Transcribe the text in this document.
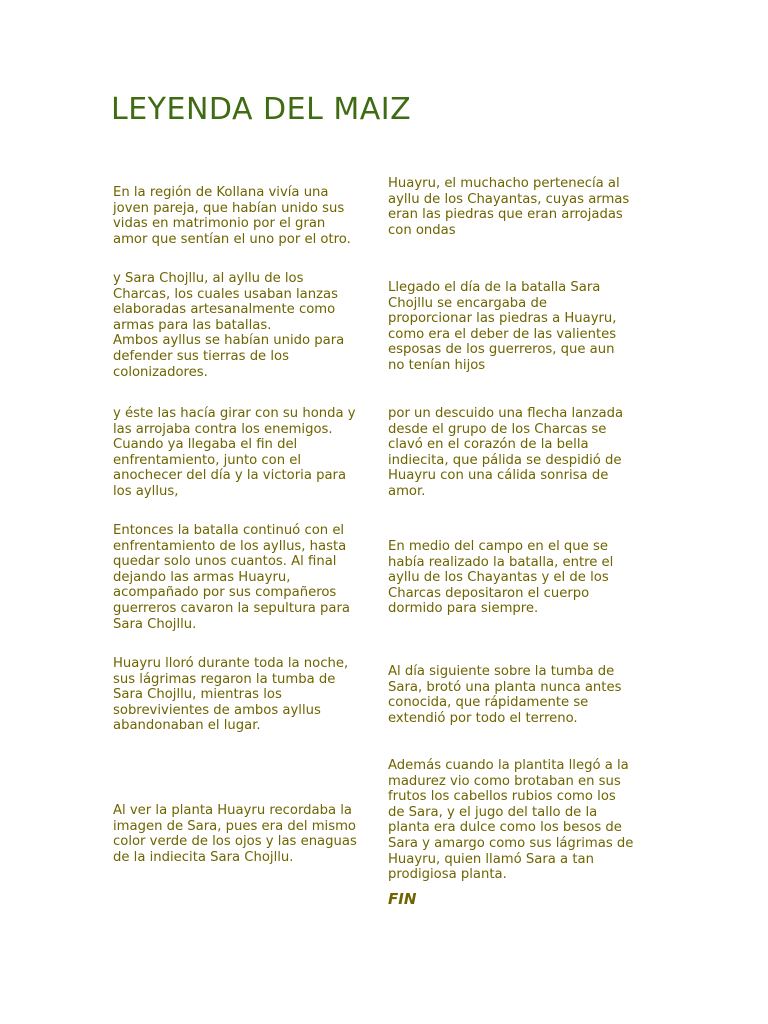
LEYENDA DEL MAIZ

En la región de Kollana vivía una
joven pareja, que habían unido sus
vidas en matrimonio por el gran
amor que sentían el uno por el otro.

y Sara Chojllu, al ayllu de los
Charcas, los cuales usaban lanzas
elaboradas artesanalmente como
armas para las batallas.
Ambos ayllus se habían unido para
defender sus tierras de los
colonizadores.

y éste las hacía girar con su honda y
las arrojaba contra los enemigos.
Cuando ya llegaba el fin del
enfrentamiento, junto con el
anochecer del día y la victoria para
los ayllus,

Entonces la batalla continuó con el
enfrentamiento de los ayllus, hasta
quedar solo unos cuantos. Al final
dejando las armas Huayru,
acompañado por sus compañeros
guerreros cavaron la sepultura para
Sara Chojllu.

Huayru lloró durante toda la noche,
sus lágrimas regaron la tumba de
Sara Chojllu, mientras los
sobrevivientes de ambos ayllus
abandonaban el lugar.

Al ver la planta Huayru recordaba la
imagen de Sara, pues era del mismo
color verde de los ojos y las enaguas
de la indiecita Sara Chojllu.

Huayru, el muchacho pertenecía al
ayllu de los Chayantas, cuyas armas
eran las piedras que eran arrojadas
con ondas

Llegado el día de la batalla Sara
Chojllu se encargaba de
proporcionar las piedras a Huayru,
como era el deber de las valientes
esposas de los guerreros, que aun
no tenían hijos

por un descuido una flecha lanzada
desde el grupo de los Charcas se
clavó en el corazón de la bella
indiecita, que pálida se despidió de
Huayru con una cálida sonrisa de
amor.

En medio del campo en el que se
había realizado la batalla, entre el
ayllu de los Chayantas y el de los
Charcas depositaron el cuerpo
dormido para siempre.

Al día siguiente sobre la tumba de
Sara, brotó una planta nunca antes
conocida, que rápidamente se
extendió por todo el terreno.

Además cuando la plantita llegó a la
madurez vio como brotaban en sus
frutos los cabellos rubios como los
de Sara, y el jugo del tallo de la
planta era dulce como los besos de
Sara y amargo como sus lágrimas de
Huayru, quien llamó Sara a tan
prodigiosa planta.

FIN
